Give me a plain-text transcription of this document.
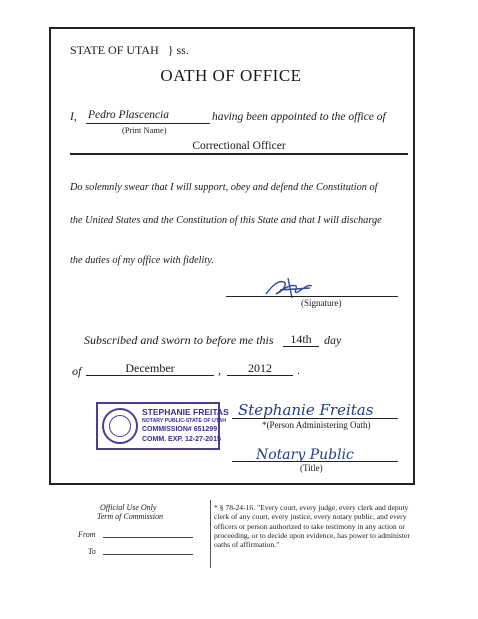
STATE OF UTAH } ss.
OATH OF OFFICE
I, Pedro Plascencia	having been appointed to the office of
(Print Name)
Correctional Officer
Do solemnly swear that I will support, obey and defend the Constitution of
the United States and the Constitution of this State and that I will discharge
the duties of my office with fidelity.
(Signature)
Subscribed and sworn to before me this	14th	day
of	December	,	2012	.
STEPHANIE FREITAS
NOTARY PUBLIC-STATE OF UTAH
COMMISSION# 651299
COMM. EXP. 12-27-2015
Stephanie Freitas
*(Person Administering Oath)
Notary Public
(Title)
Official Use Only
Term of Commission
From
To
* § 78-24-16. "Every court, every judge, every clerk and deputy clerk of any court, every justice, every notary public, and every officers or person authorized to take testimony in any action or proceeding, or to decide upon evidence, has power to administer oaths of affirmation."
